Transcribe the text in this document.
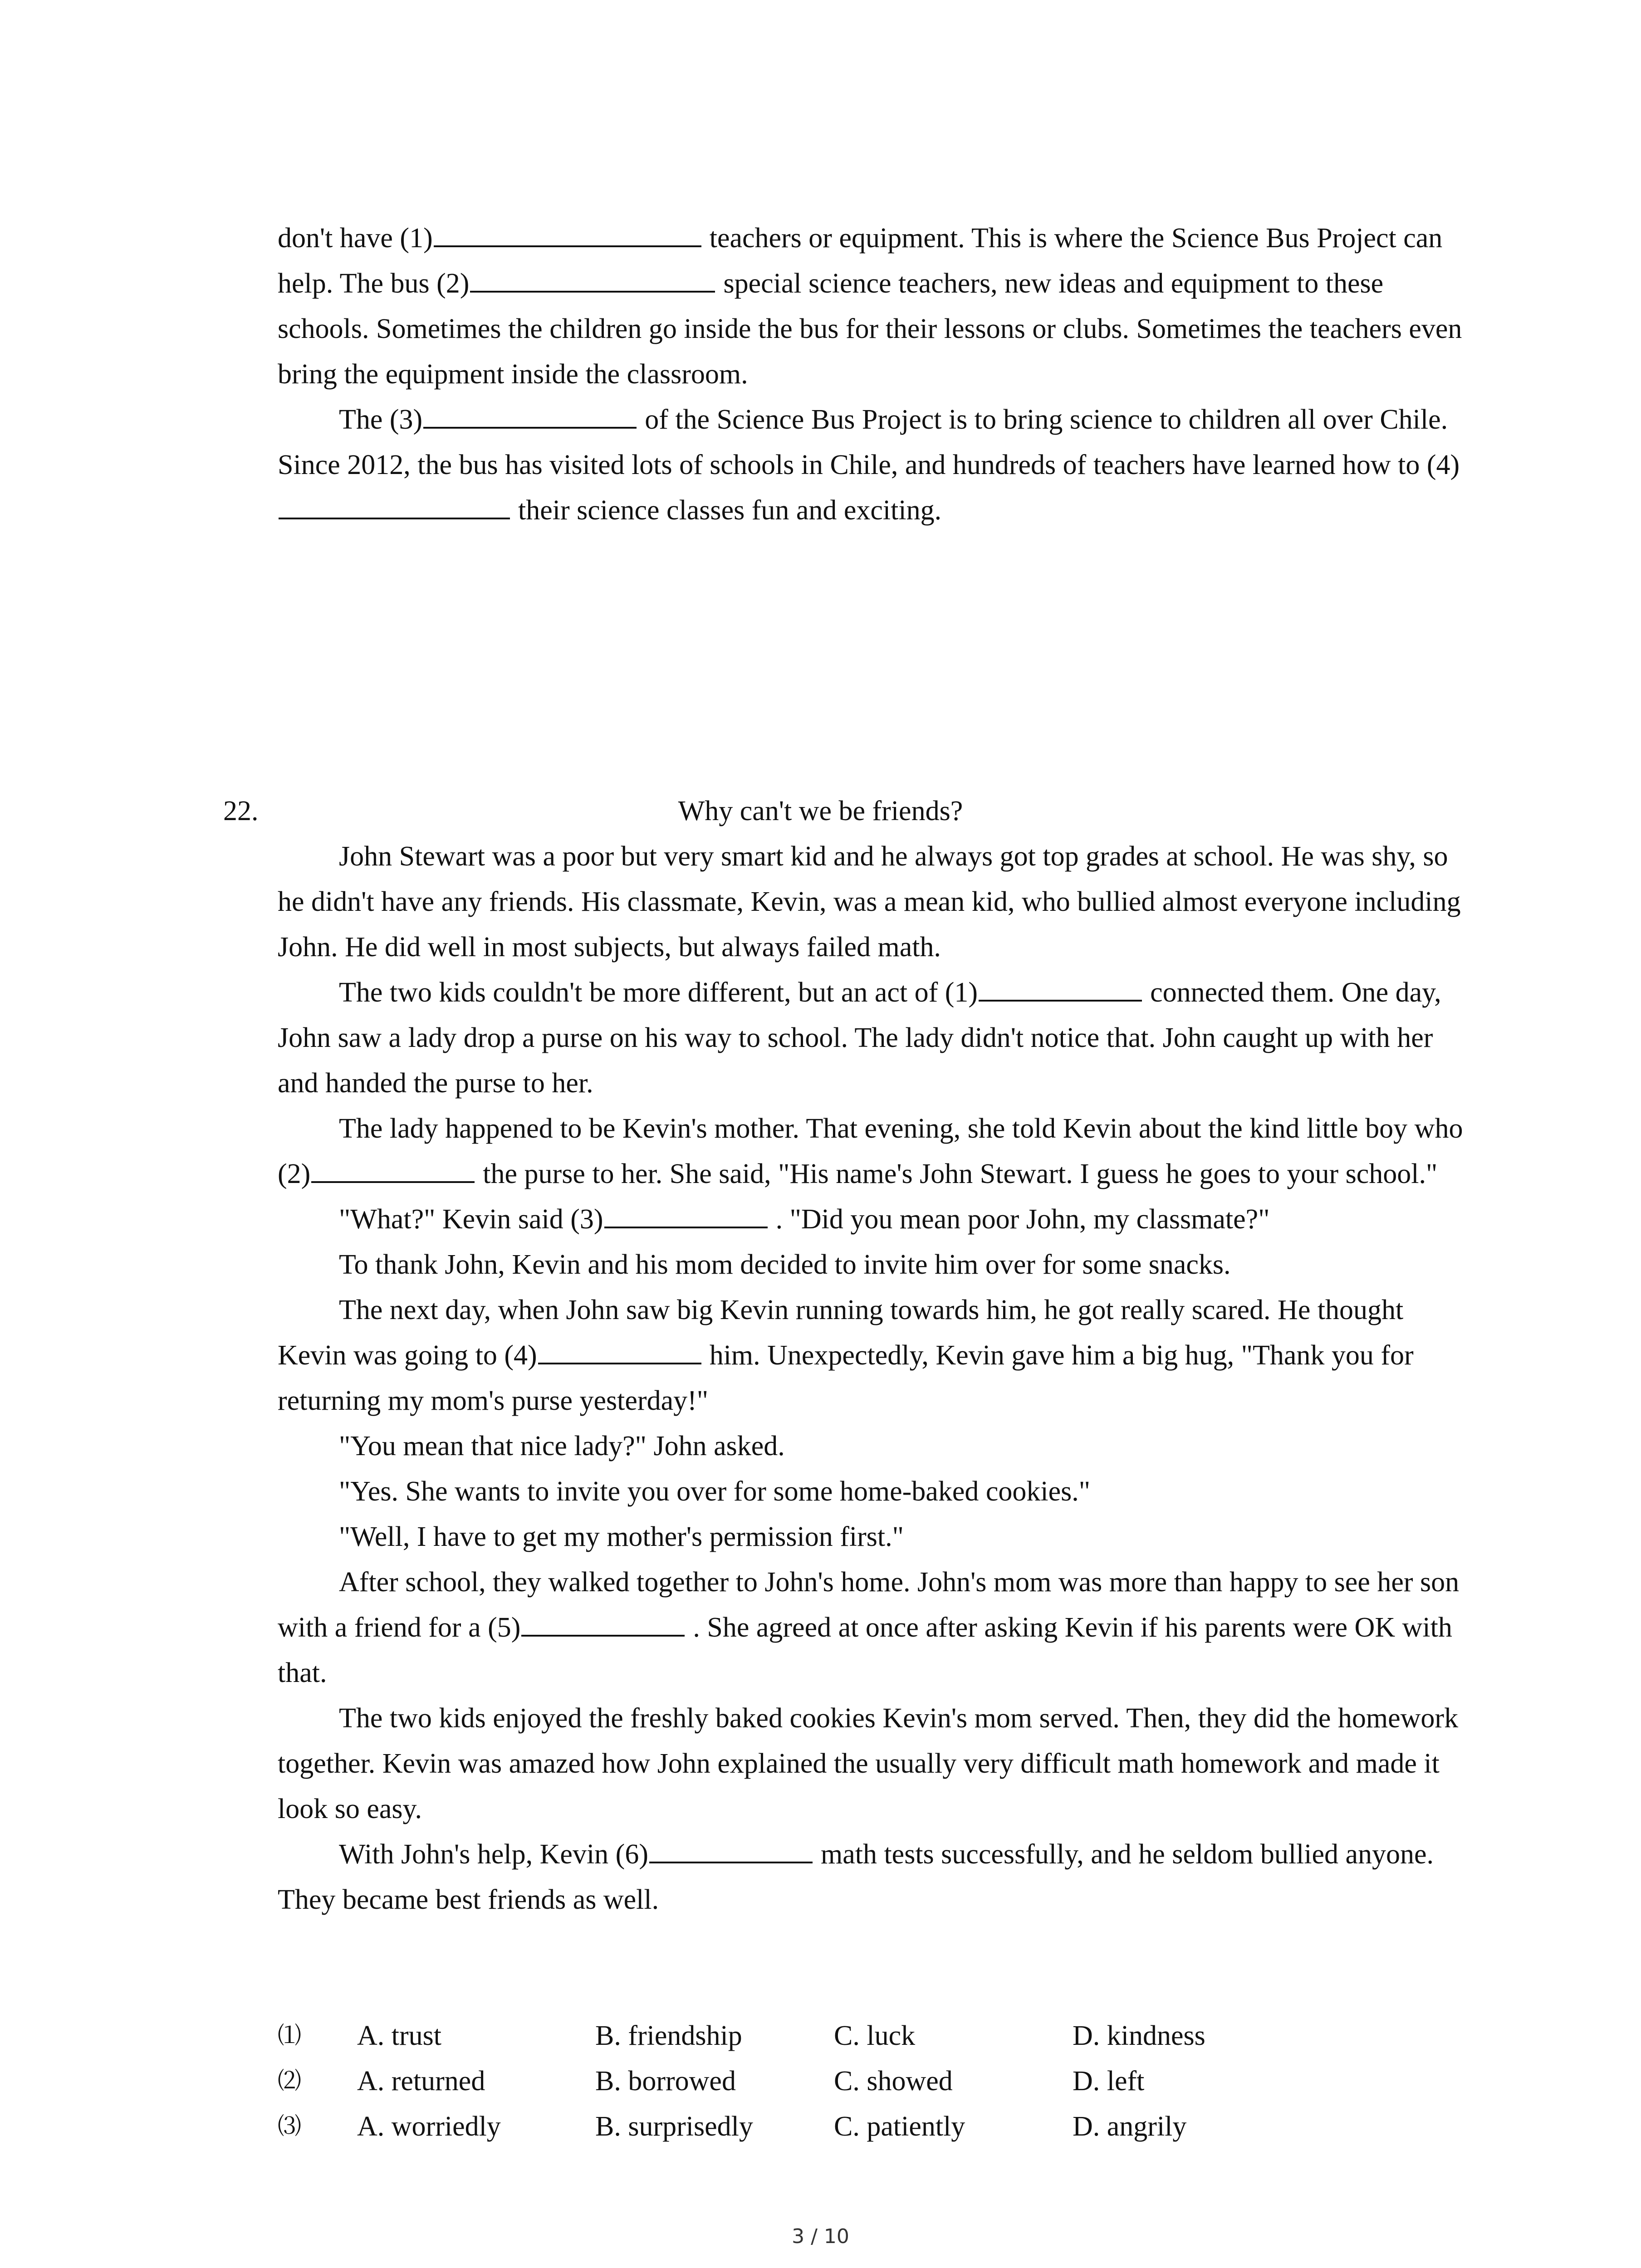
don't have (1)	teachers or equipment. This is where the Science Bus Project can help. The bus (2)	special science teachers, new ideas and equipment to these schools. Sometimes the children go inside the bus for their lessons or clubs. Sometimes the teachers even bring the equipment inside the classroom.

The (3)	of the Science Bus Project is to bring science to children all over Chile. Since 2012, the bus has visited lots of schools in Chile, and hundreds of teachers have learned how to (4)their science classes fun and exciting.

22.	Why can't we be friends?

John Stewart was a poor but very smart kid and he always got top grades at school. He was shy, so he didn't have any friends. His classmate, Kevin, was a mean kid, who bullied almost everyone including John. He did well in most subjects, but always failed math.

The two kids couldn't be more different, but an act of (1)	connected them. One day, John saw a lady drop a purse on his way to school. The lady didn't notice that. John caught up with her and handed the purse to her.

The lady happened to be Kevin's mother. That evening, she told Kevin about the kind little boy who (2)	the purse to her. She said, "His name's John Stewart. I guess he goes to your school."

"What?" Kevin said (3)	. "Did you mean poor John, my classmate?"

To thank John, Kevin and his mom decided to invite him over for some snacks.

The next day, when John saw big Kevin running towards him, he got really scared. He thought Kevin was going to (4)	him. Unexpectedly, Kevin gave him a big hug, "Thank you for returning my mom's purse yesterday!"

"You mean that nice lady?" John asked.

"Yes. She wants to invite you over for some home-baked cookies."

"Well, I have to get my mother's permission first."

After school, they walked together to John's home. John's mom was more than happy to see her son with a friend for a (5)	. She agreed at once after asking Kevin if his parents were OK with that.

The two kids enjoyed the freshly baked cookies Kevin's mom served. Then, they did the homework together. Kevin was amazed how John explained the usually very difficult math homework and made it look so easy.

With John's help, Kevin (6)	math tests successfully, and he seldom bullied anyone. They became best friends as well.

⑴ A. trust	B. friendship	C. luck	D. kindness
⑵ A. returned	B. borrowed	C. showed	D. left
⑶ A. worriedly	B. surprisedly	C. patiently	D. angrily
3 / 10
